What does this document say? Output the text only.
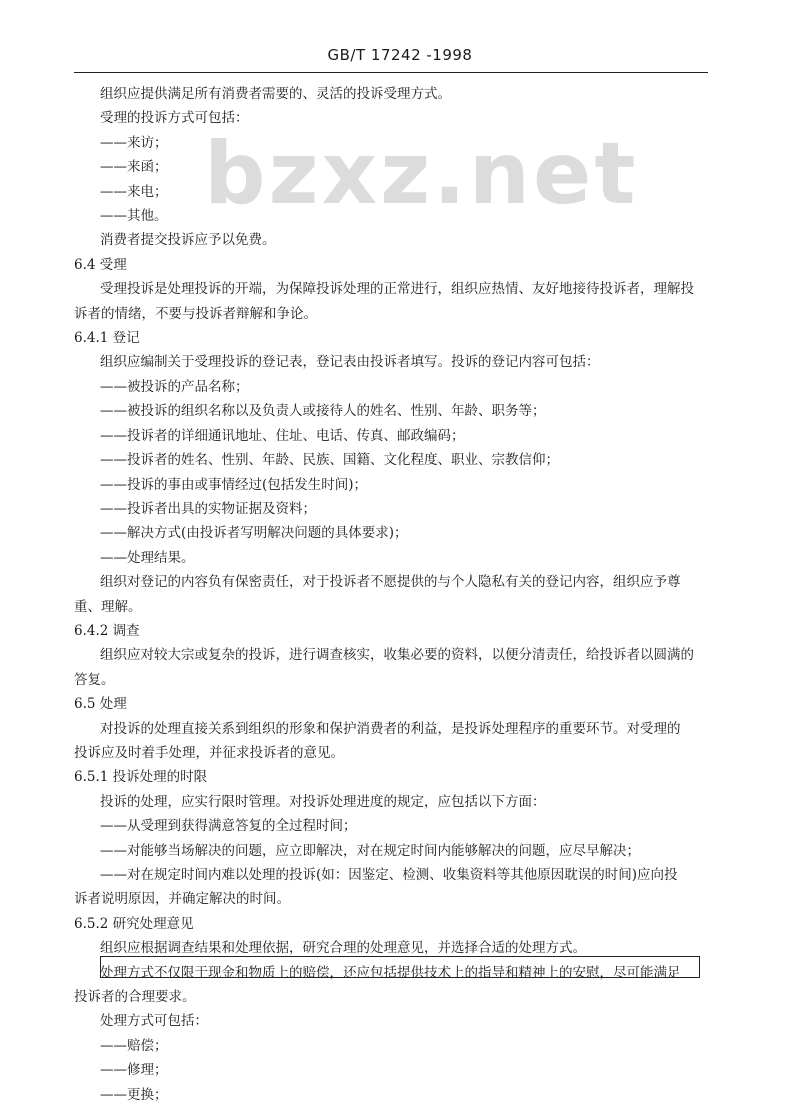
GB/T 17242 -1998
bzxz.net
组织应提供满足所有消费者需要的、灵活的投诉受理方式。
受理的投诉方式可包括：
——来访；
——来函；
——来电；
——其他。
消费者提交投诉应予以免费。
6.4 受理
受理投诉是处理投诉的开端，为保障投诉处理的正常进行，组织应热情、友好地接待投诉者，理解投
诉者的情绪，不要与投诉者辩解和争论。
6.4.1 登记
组织应编制关于受理投诉的登记表，登记表由投诉者填写。投诉的登记内容可包括：
——被投诉的产品名称；
——被投诉的组织名称以及负责人或接待人的姓名、性别、年龄、职务等；
——投诉者的详细通讯地址、住址、电话、传真、邮政编码；
——投诉者的姓名、性别、年龄、民族、国籍、文化程度、职业、宗教信仰；
——投诉的事由或事情经过(包括发生时间)；
——投诉者出具的实物证据及资料；
——解决方式(由投诉者写明解决问题的具体要求)；
——处理结果。
组织对登记的内容负有保密责任，对于投诉者不愿提供的与个人隐私有关的登记内容，组织应予尊
重、理解。
6.4.2 调查
组织应对较大宗或复杂的投诉，进行调查核实，收集必要的资料，以便分清责任，给投诉者以圆满的
答复。
6.5 处理
对投诉的处理直接关系到组织的形象和保护消费者的利益，是投诉处理程序的重要环节。对受理的
投诉应及时着手处理，并征求投诉者的意见。
6.5.1 投诉处理的时限
投诉的处理，应实行限时管理。对投诉处理进度的规定，应包括以下方面：
——从受理到获得满意答复的全过程时间；
——对能够当场解决的问题，应立即解决，对在规定时间内能够解决的问题，应尽早解决；
——对在规定时间内难以处理的投诉(如：因鉴定、检测、收集资料等其他原因耽误的时间)应向投
诉者说明原因，并确定解决的时间。
6.5.2 研究处理意见
组织应根据调查结果和处理依据，研究合理的处理意见，并选择合适的处理方式。
处理方式不仅限于现金和物质上的赔偿，还应包括提供技术上的指导和精神上的安慰，尽可能满足
投诉者的合理要求。
处理方式可包括：
——赔偿；
——修理；
——更换；
